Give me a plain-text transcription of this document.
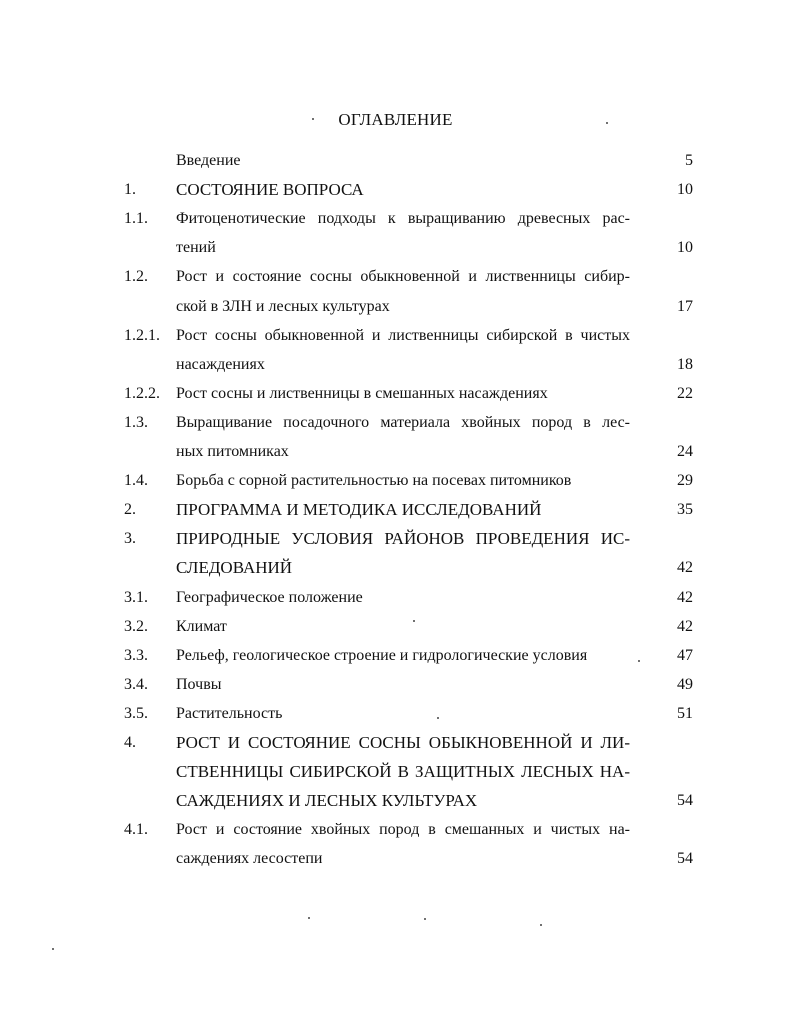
ОГЛАВЛЕНИЕ
Введение	5
1. СОСТОЯНИЕ ВОПРОСА	10
1.1. Фитоценотические подходы к выращиванию древесных рас-
тений	10
1.2. Рост и состояние сосны обыкновенной и лиственницы сибир-
ской в ЗЛН и лесных культурах	17
1.2.1. Рост сосны обыкновенной и лиственницы сибирской в чистых
насаждениях	18
1.2.2. Рост сосны и лиственницы в смешанных насаждениях	22
1.3. Выращивание посадочного материала хвойных пород в лес-
ных питомниках	24
1.4. Борьба с сорной растительностью на посевах питомников	29
2. ПРОГРАММА И МЕТОДИКА ИССЛЕДОВАНИЙ	35
3. ПРИРОДНЫЕ УСЛОВИЯ РАЙОНОВ ПРОВЕДЕНИЯ ИС-
СЛЕДОВАНИЙ	42
3.1. Географическое положение	42
3.2. Климат	42
3.3. Рельеф, геологическое строение и гидрологические условия	47
3.4. Почвы	49
3.5. Растительность	51
4. РОСТ И СОСТОЯНИЕ СОСНЫ ОБЫКНОВЕННОЙ И ЛИ-
СТВЕННИЦЫ СИБИРСКОЙ В ЗАЩИТНЫХ ЛЕСНЫХ НА-
САЖДЕНИЯХ И ЛЕСНЫХ КУЛЬТУРАХ	54
4.1. Рост и состояние хвойных пород в смешанных и чистых на-
саждениях лесостепи	54
